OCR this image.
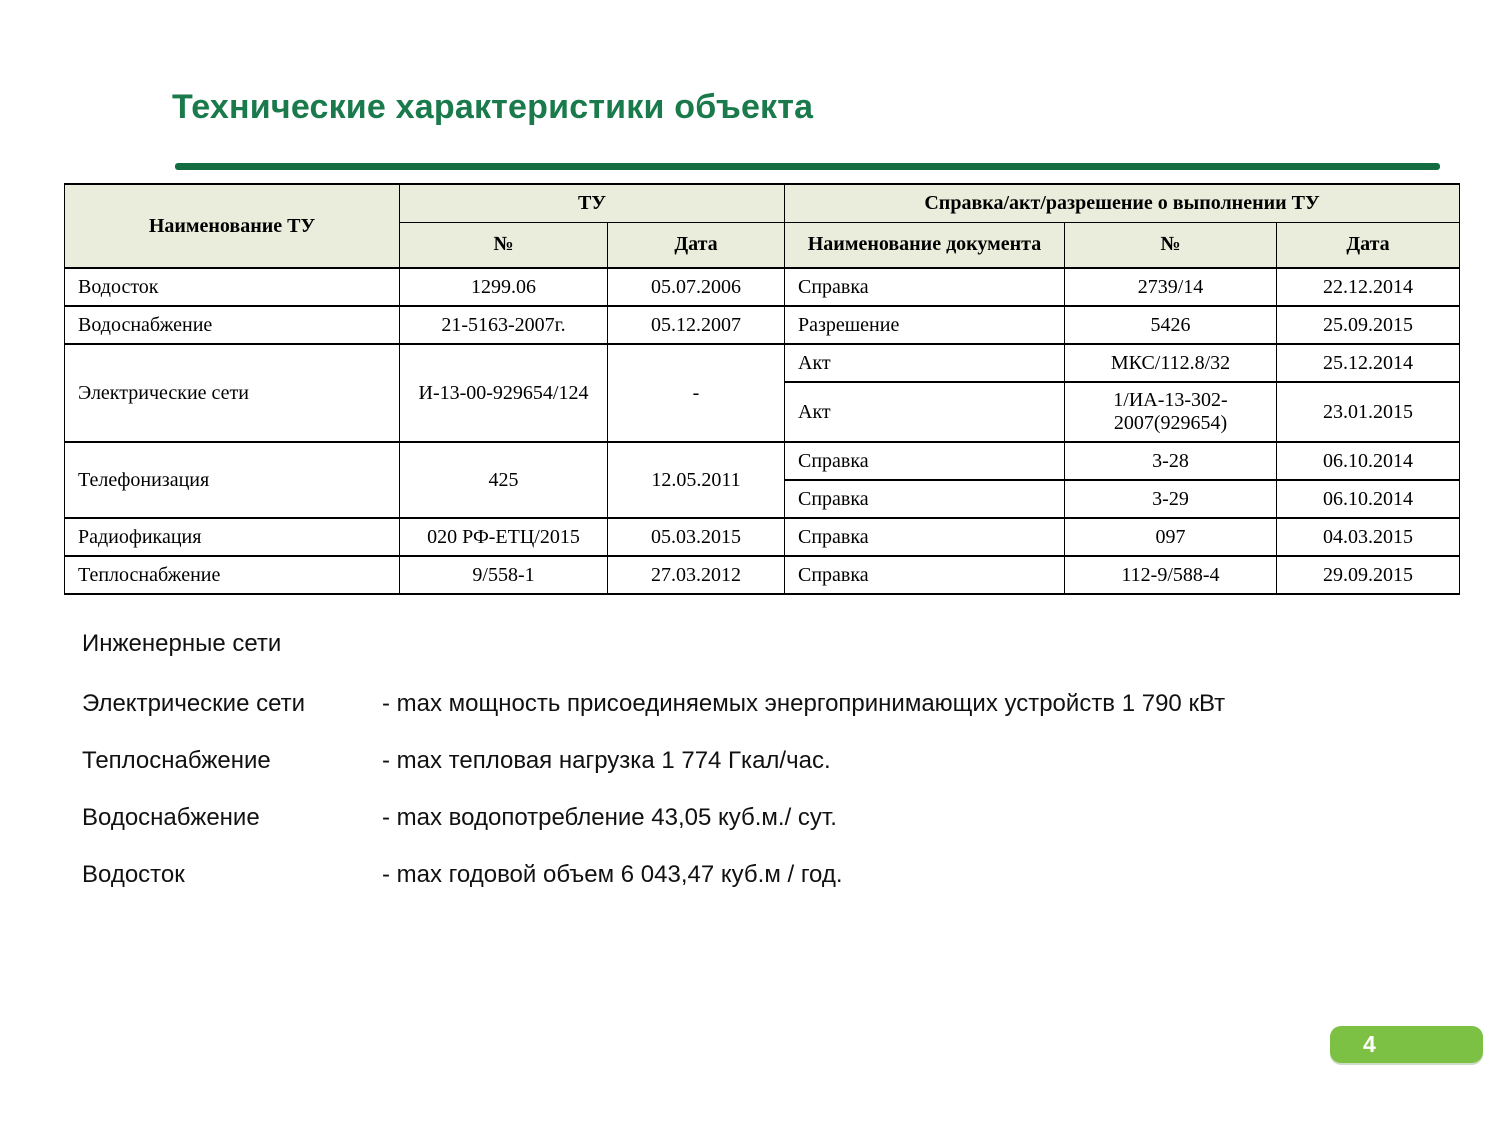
Технические характеристики объекта
Наименование ТУ	ТУ		Справка/акт/разрешение о выполнении ТУ		
	№	Дата	Наименование документа	№	Дата
Водосток	1299.06	05.07.2006	Справка	2739/14	22.12.2014
Водоснабжение	21-5163-2007г.	05.12.2007	Разрешение	5426	25.09.2015
Электрические сети	И-13-00-929654/124	-	Акт	МКС/112.8/32	25.12.2014
			Акт	1/ИА-13-302-2007(929654)	23.01.2015
Телефонизация	425	12.05.2011	Справка	3-28	06.10.2014
			Справка	3-29	06.10.2014
Радиофикация	020 РФ-ЕТЦ/2015	05.03.2015	Справка	097	04.03.2015
Теплоснабжение	9/558-1	27.03.2012	Справка	112-9/588-4	29.09.2015

Инженерные сети

Электрические сети	- max мощность присоединяемых энергопринимающих устройств 1 790 кВт
Теплоснабжение	- max тепловая нагрузка 1 774 Гкал/час.
Водоснабжение	- max водопотребление 43,05 куб.м./ сут.
Водосток	- max годовой объем 6 043,47 куб.м / год.
4
